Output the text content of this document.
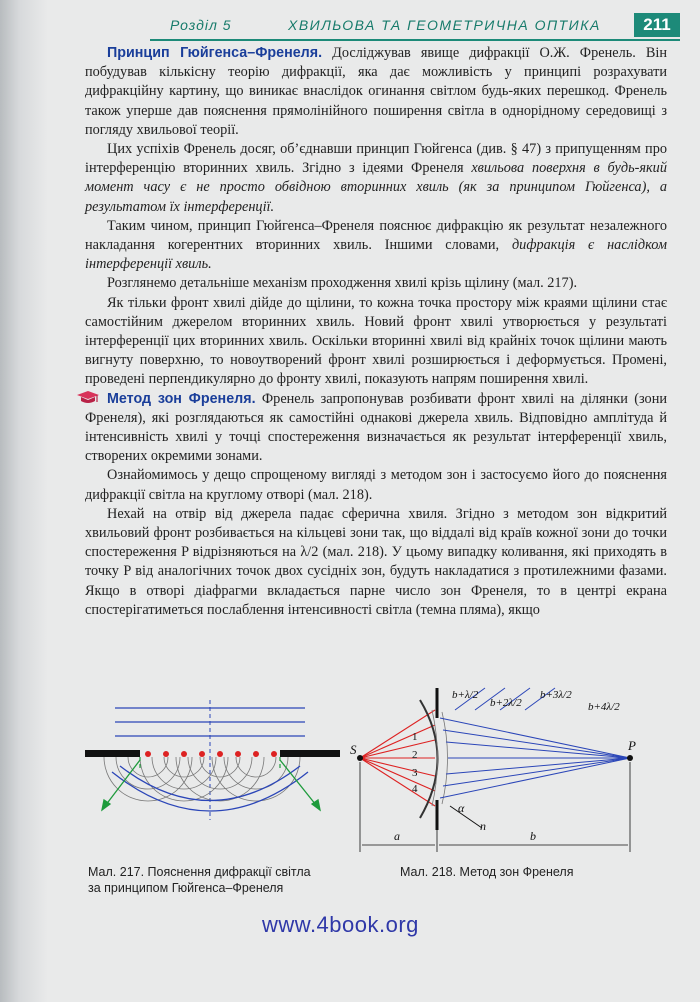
Розділ 5	ХВИЛЬОВА ТА ГЕОМЕТРИЧНА ОПТИКА	211

Принцип Гюйгенса–Френеля. Досліджував явище дифракції О.Ж. Френель. Він побудував кількісну теорію дифракції, яка дає можливість у принципі розрахувати дифракційну картину, що виникає внаслідок огинання світлом будь-яких перешкод. Френель також уперше дав пояснення прямолінійного поширення світла в однорідному середовищі з погляду хвильової теорії.

Цих успіхів Френель досяг, об’єднавши принцип Гюйгенса (див. § 47) з припущенням про інтерференцію вторинних хвиль. Згідно з ідеями Френеля хвильова поверхня в будь-який момент часу є не просто обвідною вторинних хвиль (як за принципом Гюйгенса), а результатом їх інтерференції.

Таким чином, принцип Гюйгенса–Френеля пояснює дифракцію як результат незалежного накладання когерентних вторинних хвиль. Іншими словами, дифракція є наслідком інтерференції хвиль.

Розглянемо детальніше механізм проходження хвилі крізь щілину (мал. 217).

Як тільки фронт хвилі дійде до щілини, то кожна точка простору між краями щілини стає самостійним джерелом вторинних хвиль. Новий фронт хвилі утворюється у результаті інтерференції цих вторинних хвиль. Оскільки вторинні хвилі від крайніх точок щілини мають вигнуту поверхню, то новоутворений фронт хвилі розширюється і деформується. Промені, проведені перпендикулярно до фронту хвилі, показують напрям поширення хвилі.

Метод зон Френеля. Френель запропонував розбивати фронт хвилі на ділянки (зони Френеля), які розглядаються як самостійні однакові джерела хвиль. Відповідно амплітуда й інтенсивність хвилі у точці спостереження визначається як результат інтерференції хвиль, створених окремими зонами.

Ознайомимось у дещо спрощеному вигляді з методом зон і застосуємо його до пояснення дифракції світла на круглому отворі (мал. 218).

Нехай на отвір від джерела падає сферична хвиля. Згідно з методом зон відкритий хвильовий фронт розбивається на кільцеві зони так, що віддалі від країв кожної зони до точки спостереження P відрізняються на λ/2 (мал. 218). У цьому випадку коливання, які приходять в точку P від аналогічних точок двох сусідніх зон, будуть накладатися з протилежними фазами. Якщо в отворі діафрагми вкладається парне число зон Френеля, то в центрі екрана спостерігатиметься послаблення інтенсивності світла (темна пляма), якщо

S	P
1
2
3
4
b+λ/2
b+2λ/2
b+3λ/2
b+4λ/2
α
n
a	b
Мал. 217. Пояснення дифракції світла за принципом Гюйгенса–Френеля
Мал. 218. Метод зон Френеля
www.4book.org
